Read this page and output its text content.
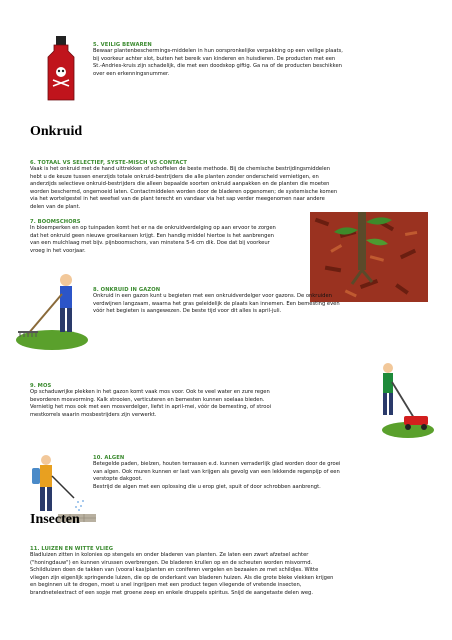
5. VEILIG BEWAREN
Bewaar plantenbeschermings-middelen in hun oorspronkelijke verpakking op een veilige plaats,
bij voorkeur achter slot, buiten het bereik van kinderen en huisdieren. De producten met een
St.-Andries-kruis zijn schadelijk, die met een doodskop giftig. Ga na of de producten beschikken
over een erkenningsnummer.
Onkruid
6. TOTAAL VS SELECTIEF, SYSTE-MISCH VS CONTACT
Vaak is het onkruid met de hand uittrekken of schoffelen de beste methode. Bij de chemische bestrijdingsmiddelen
hebt u de keuze tussen enerzijds totale onkruid-bestrijders die alle planten zonder onderscheid vernietigen, en
anderzijds selectieve onkruid-bestrijders die alleen bepaalde soorten onkruid aanpakken en de planten die moeten
worden beschermd, ongemoeid laten. Contactmiddelen worden door de bladeren opgenomen; de systemische komen
via het wortelgestel in het weefsel van de plant terecht en vandaar via het sap verder meegenomen naar andere
delen van de plant.
7. BOOMSCHORS
In bloemperken en op tuinpaden komt het er na de onkruidverdelging op aan ervoor te zorgen
dat het onkruid geen nieuwe groeikansen krijgt. Een handig middel hiertoe is het aanbrengen
van een mulchlaag met bijv. pijnboomschors, van minstens 5-6 cm dik. Doe dat bij voorkeur
vroeg in het voorjaar.
8. ONKRUID IN GAZON
Onkruid in een gazon kunt u begieten met een onkruidverdelger voor gazons. De onkruiden
verdwijnen langzaam, waarna het gras geleidelijk de plaats kan innemen. Een bemesting even
vóór het begieten is aangewezen. De beste tijd voor dit alles is april-juli.
9. MOS
Op schaduwrijke plekken in het gazon komt vaak mos voor. Ook te veel water en zure regen
bevorderen mosvorming. Kalk strooien, verticuteren en bemesten kunnen soelaas bieden.
Vernietig het mos ook met een mosverdelger, liefst in april-mei, vóór de bemesting, of strooi
mestkorrels waarin mosbestrijders zijn verwerkt.
10. ALGEN
Betegelde paden, bielzen, houten terrassen e.d. kunnen verraderlijk glad worden door de groei
van algen. Ook muren kunnen er last van krijgen als gevolg van een lekkende regenpijp of een
verstopte dakgoot.
Bestrijd de algen met een oplossing die u erop giet, spuit of door schrobben aanbrengt.
Insecten
11. LUIZEN EN WITTE VLIEG
Bladluizen zitten in kolonies op stengels en onder bladeren van planten. Ze laten een zwart afzetsel achter
("honingdauw") en kunnen virussen overbrengen. De bladeren krullen op en de scheuten worden misvormd.
Schildluizen doen de takken van (vooral kas)planten en coniferen vergelen en bezaaien ze met schildjes. Witte
vliegen zijn eigenlijk springende luizen, die op de onderkant van bladeren huizen. Als die grote bleke vlekken krijgen
en beginnen uit te drogen, moet u snel ingrijpen met een product tegen vliegende of vretende insecten,
brandnetelextract of een sopje met groene zeep en enkele druppels spiritus. Snijd de aangetaste delen weg.
